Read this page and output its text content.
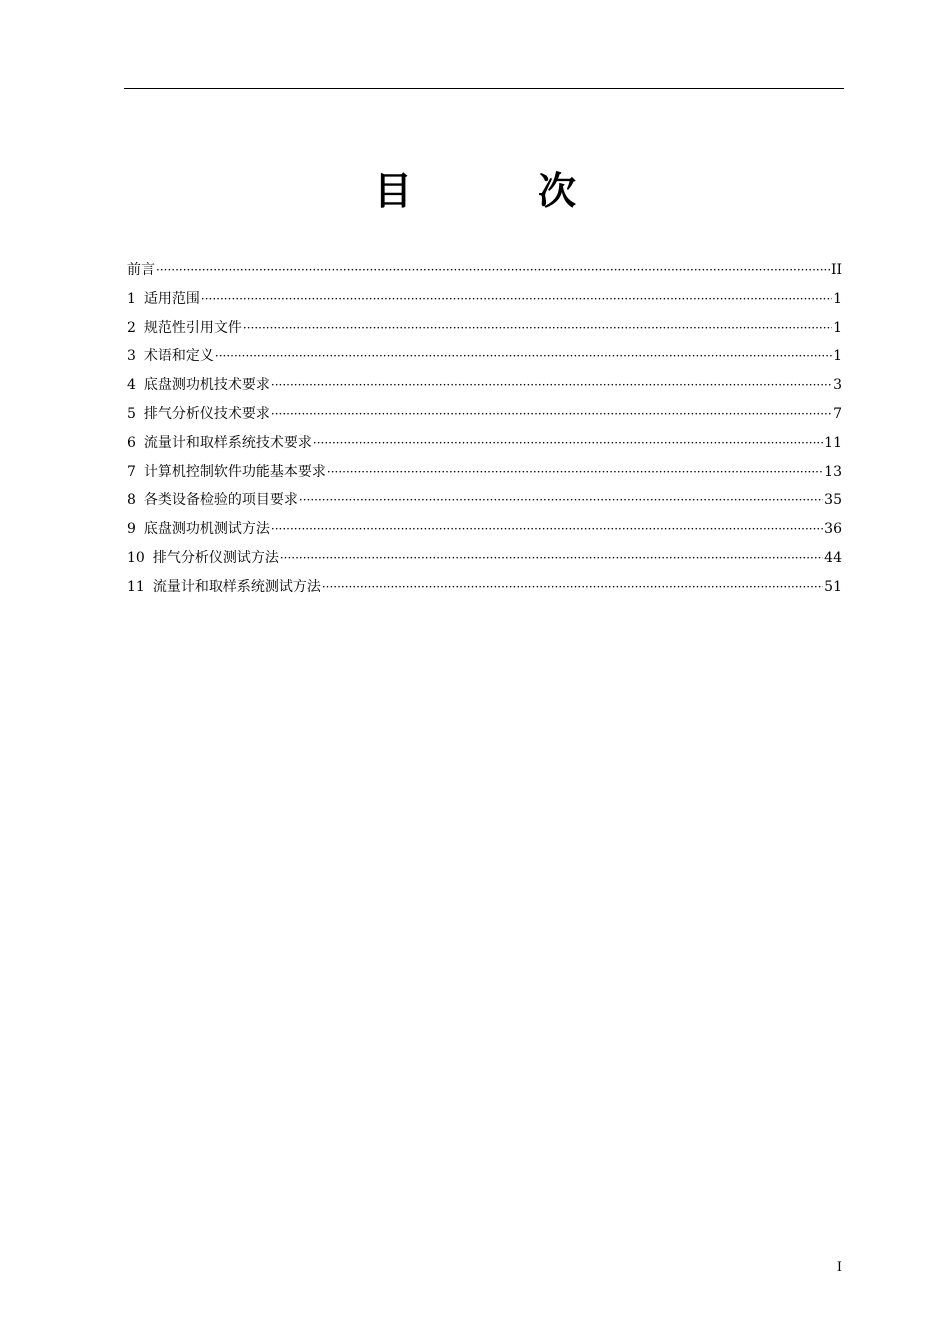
目　次
前言 ·····	II
1 适用范围 ·····	1
2 规范性引用文件 ·····	1
3 术语和定义 ·····	1
4 底盘测功机技术要求 ·····	3
5 排气分析仪技术要求 ·····	7
6 流量计和取样系统技术要求 ·····	11
7 计算机控制软件功能基本要求 ·····	13
8 各类设备检验的项目要求 ·····	35
9 底盘测功机测试方法 ·····	36
10 排气分析仪测试方法 ·····	44
11 流量计和取样系统测试方法 ·····	51
I
